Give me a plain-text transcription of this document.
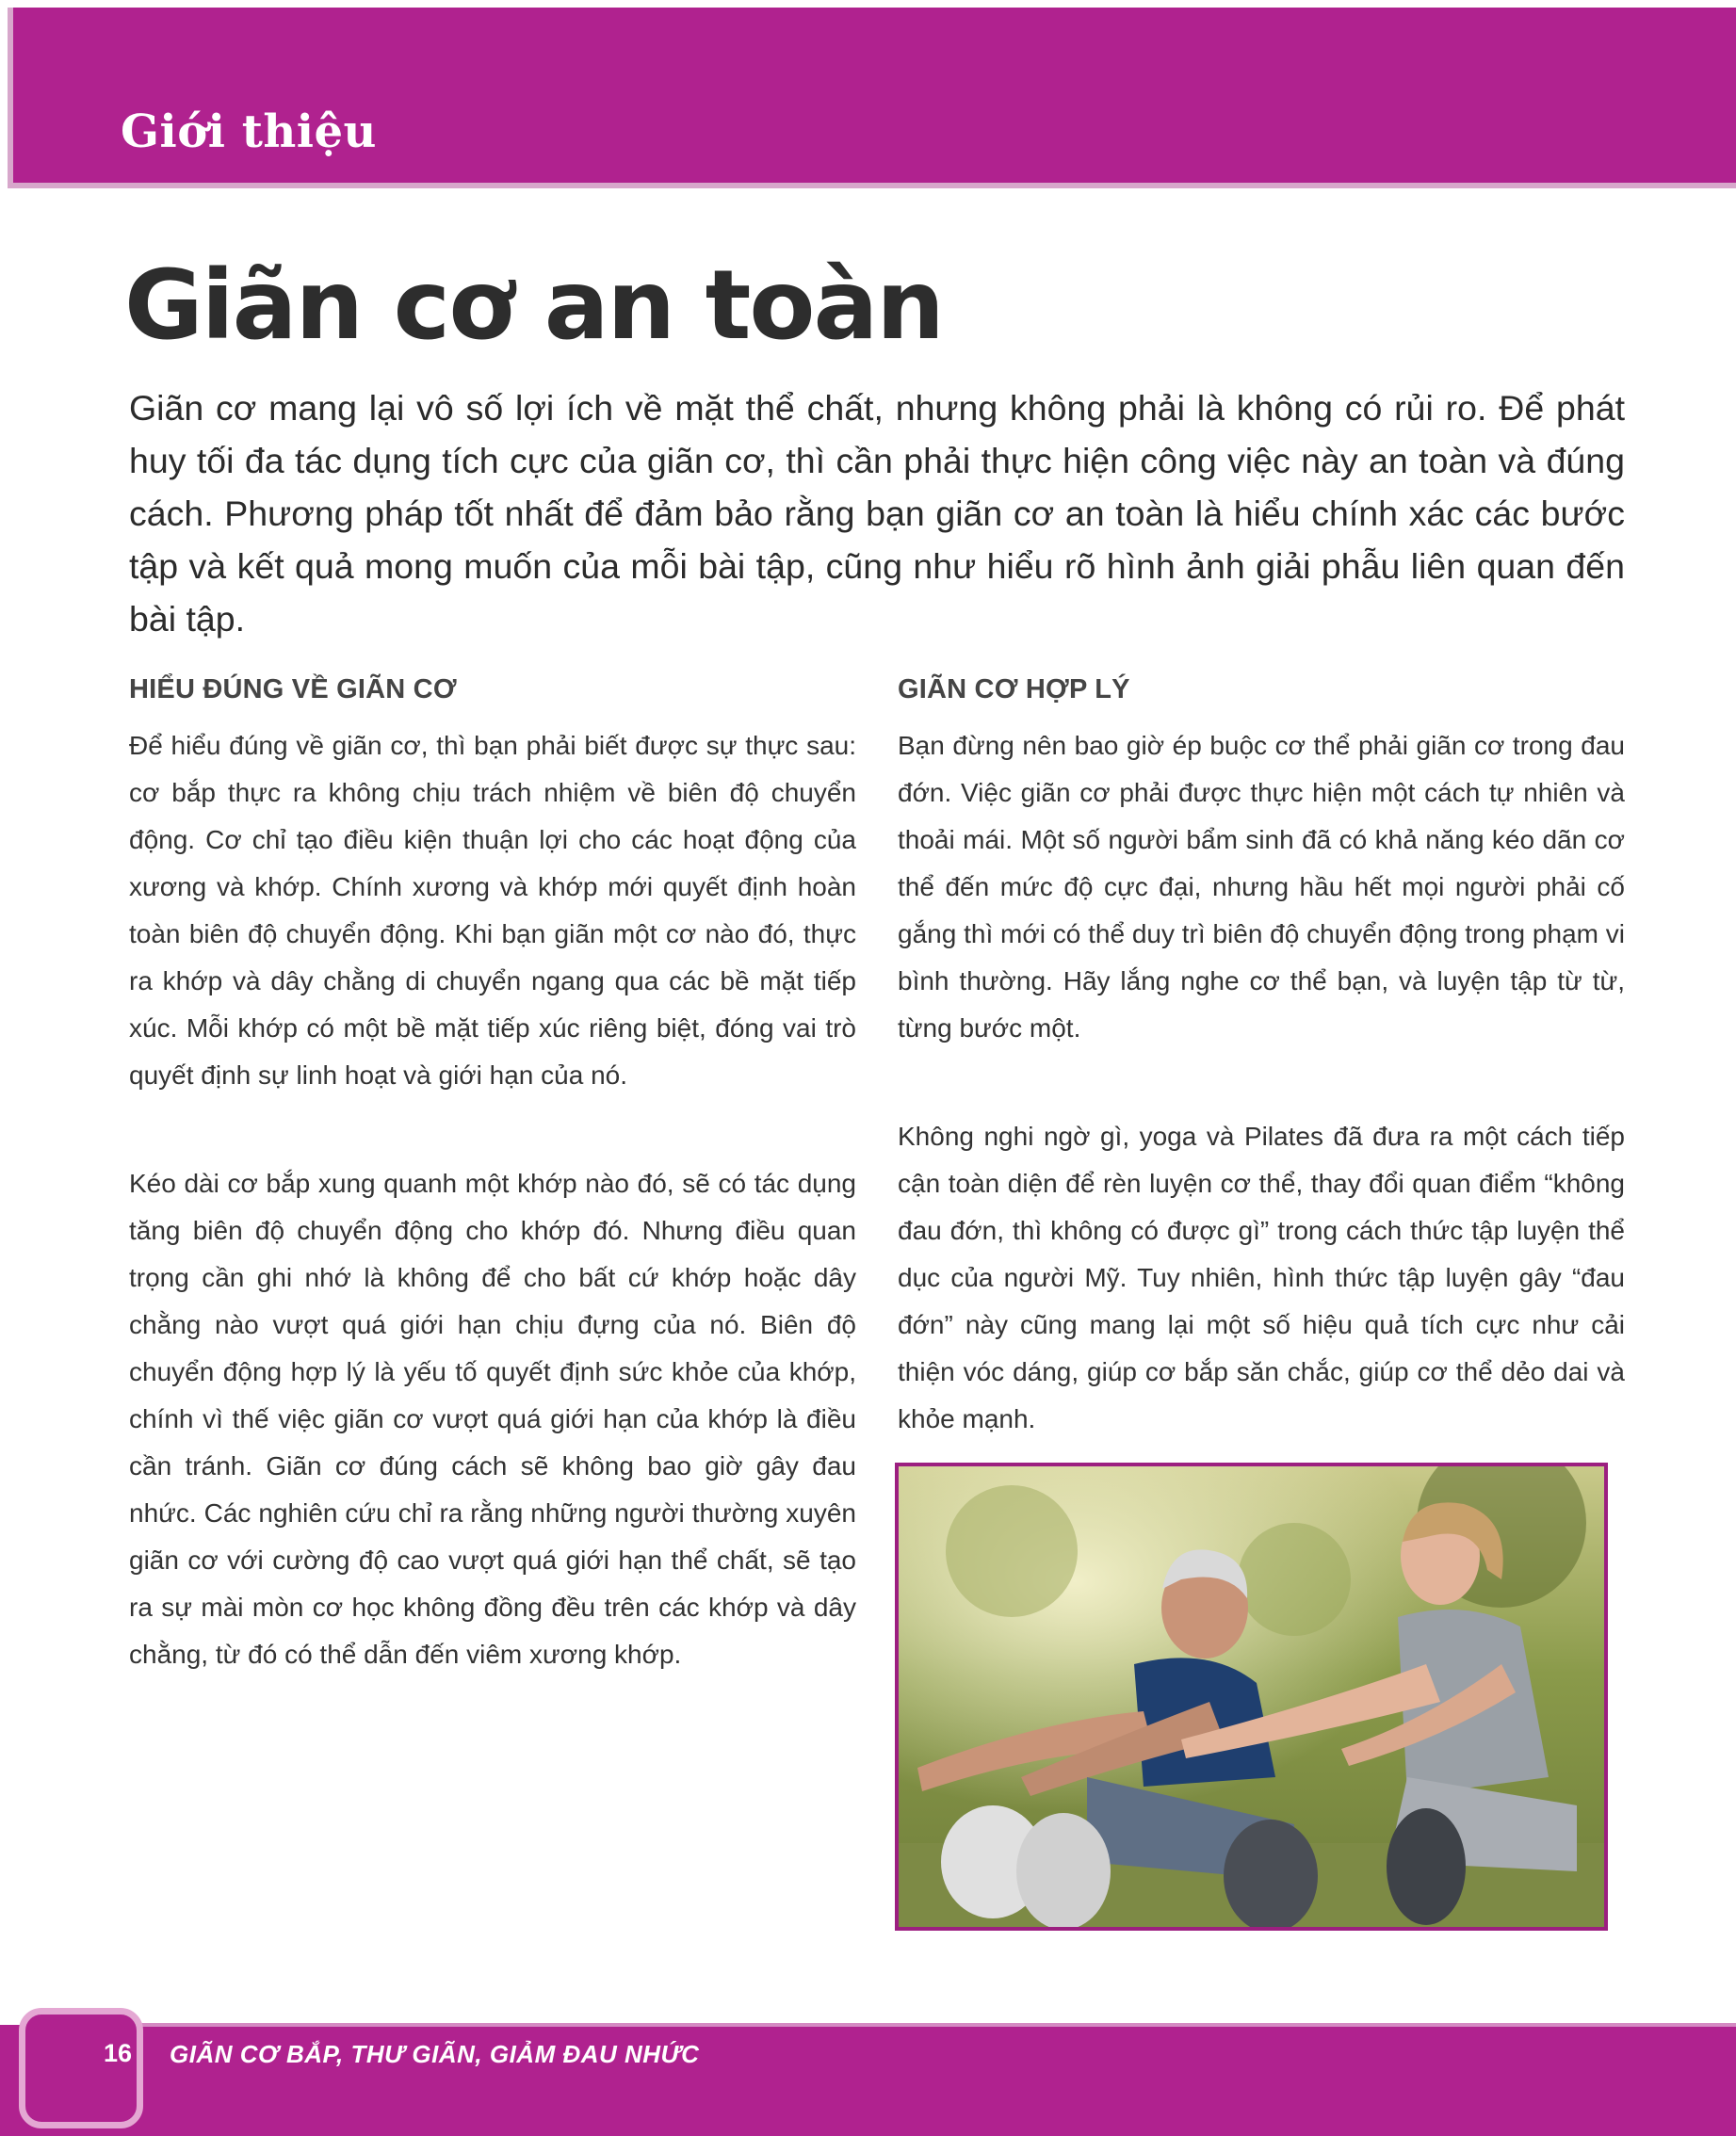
Giới thiệu
Giãn cơ an toàn

Giãn cơ mang lại vô số lợi ích về mặt thể chất, nhưng không phải là không có rủi ro. Để phát huy tối đa tác dụng tích cực của giãn cơ, thì cần phải thực hiện công việc này an toàn và đúng cách. Phương pháp tốt nhất để đảm bảo rằng bạn giãn cơ an toàn là hiểu chính xác các bước tập và kết quả mong muốn của mỗi bài tập, cũng như hiểu rõ hình ảnh giải phẫu liên quan đến bài tập.

HIỂU ĐÚNG VỀ GIÃN CƠ

Để hiểu đúng về giãn cơ, thì bạn phải biết được sự thực sau: cơ bắp thực ra không chịu trách nhiệm về biên độ chuyển động. Cơ chỉ tạo điều kiện thuận lợi cho các hoạt động của xương và khớp. Chính xương và khớp mới quyết định hoàn toàn biên độ chuyển động. Khi bạn giãn một cơ nào đó, thực ra khớp và dây chằng di chuyển ngang qua các bề mặt tiếp xúc. Mỗi khớp có một bề mặt tiếp xúc riêng biệt, đóng vai trò quyết định sự linh hoạt và giới hạn của nó.

Kéo dài cơ bắp xung quanh một khớp nào đó, sẽ có tác dụng tăng biên độ chuyển động cho khớp đó. Nhưng điều quan trọng cần ghi nhớ là không để cho bất cứ khớp hoặc dây chằng nào vượt quá giới hạn chịu đựng của nó. Biên độ chuyển động hợp lý là yếu tố quyết định sức khỏe của khớp, chính vì thế việc giãn cơ vượt quá giới hạn của khớp là điều cần tránh. Giãn cơ đúng cách sẽ không bao giờ gây đau nhức. Các nghiên cứu chỉ ra rằng những người thường xuyên giãn cơ với cường độ cao vượt quá giới hạn thể chất, sẽ tạo ra sự mài mòn cơ học không đồng đều trên các khớp và dây chằng, từ đó có thể dẫn đến viêm xương khớp.

GIÃN CƠ HỢP LÝ

Bạn đừng nên bao giờ ép buộc cơ thể phải giãn cơ trong đau đớn. Việc giãn cơ phải được thực hiện một cách tự nhiên và thoải mái. Một số người bẩm sinh đã có khả năng kéo dãn cơ thể đến mức độ cực đại, nhưng hầu hết mọi người phải cố gắng thì mới có thể duy trì biên độ chuyển động trong phạm vi bình thường. Hãy lắng nghe cơ thể bạn, và luyện tập từ từ, từng bước một.

Không nghi ngờ gì, yoga và Pilates đã đưa ra một cách tiếp cận toàn diện để rèn luyện cơ thể, thay đổi quan điểm “không đau đớn, thì không có được gì” trong cách thức tập luyện thể dục của người Mỹ. Tuy nhiên, hình thức tập luyện gây “đau đớn” này cũng mang lại một số hiệu quả tích cực như cải thiện vóc dáng, giúp cơ bắp săn chắc, giúp cơ thể dẻo dai và khỏe mạnh.

16 GIÃN CƠ BẮP, THƯ GIÃN, GIẢM ĐAU NHỨC
